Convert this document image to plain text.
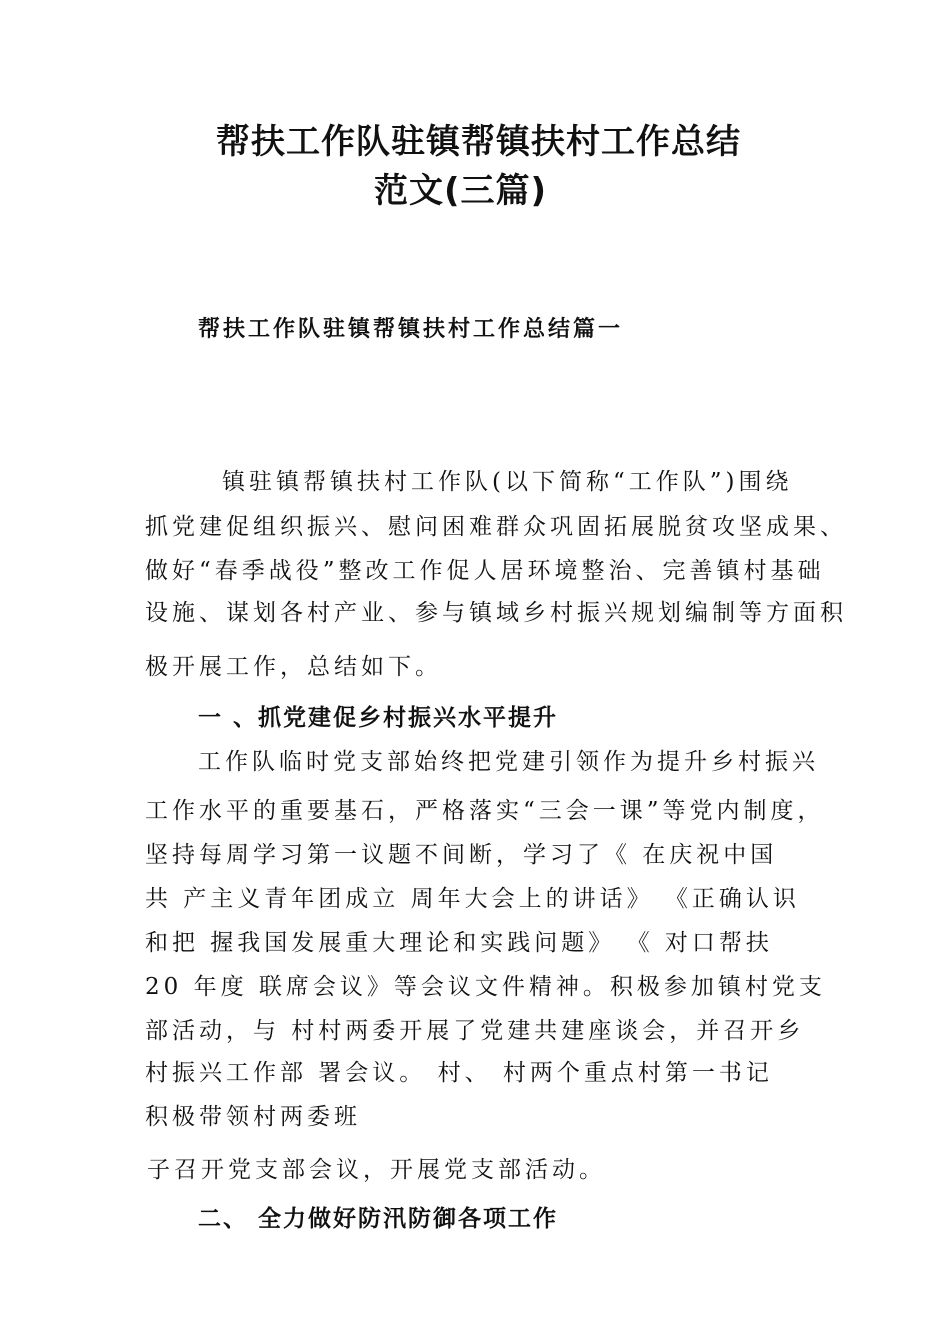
帮扶工作队驻镇帮镇扶村工作总结
范文(三篇)
帮扶工作队驻镇帮镇扶村工作总结篇一
镇驻镇帮镇扶村工作队(以下简称“工作队”)围绕
抓党建促组织振兴、慰问困难群众巩固拓展脱贫攻坚成果、
做好“春季战役”整改工作促人居环境整治、完善镇村基础
设施、谋划各村产业、参与镇域乡村振兴规划编制等方面积
极开展工作，总结如下。
一 、抓党建促乡村振兴水平提升
工作队临时党支部始终把党建引领作为提升乡村振兴
工作水平的重要基石，严格落实“三会一课”等党内制度，
坚持每周学习第一议题不间断，学习了《 在庆祝中国
共 产主义青年团成立 周年大会上的讲话》 《正确认识
和把 握我国发展重大理论和实践问题》 《 对口帮扶
20 年度 联席会议》等会议文件精神。积极参加镇村党支
部活动，与 村村两委开展了党建共建座谈会，并召开乡
村振兴工作部 署会议。 村、 村两个重点村第一书记
积极带领村两委班
子召开党支部会议，开展党支部活动。
二、 全力做好防汛防御各项工作
